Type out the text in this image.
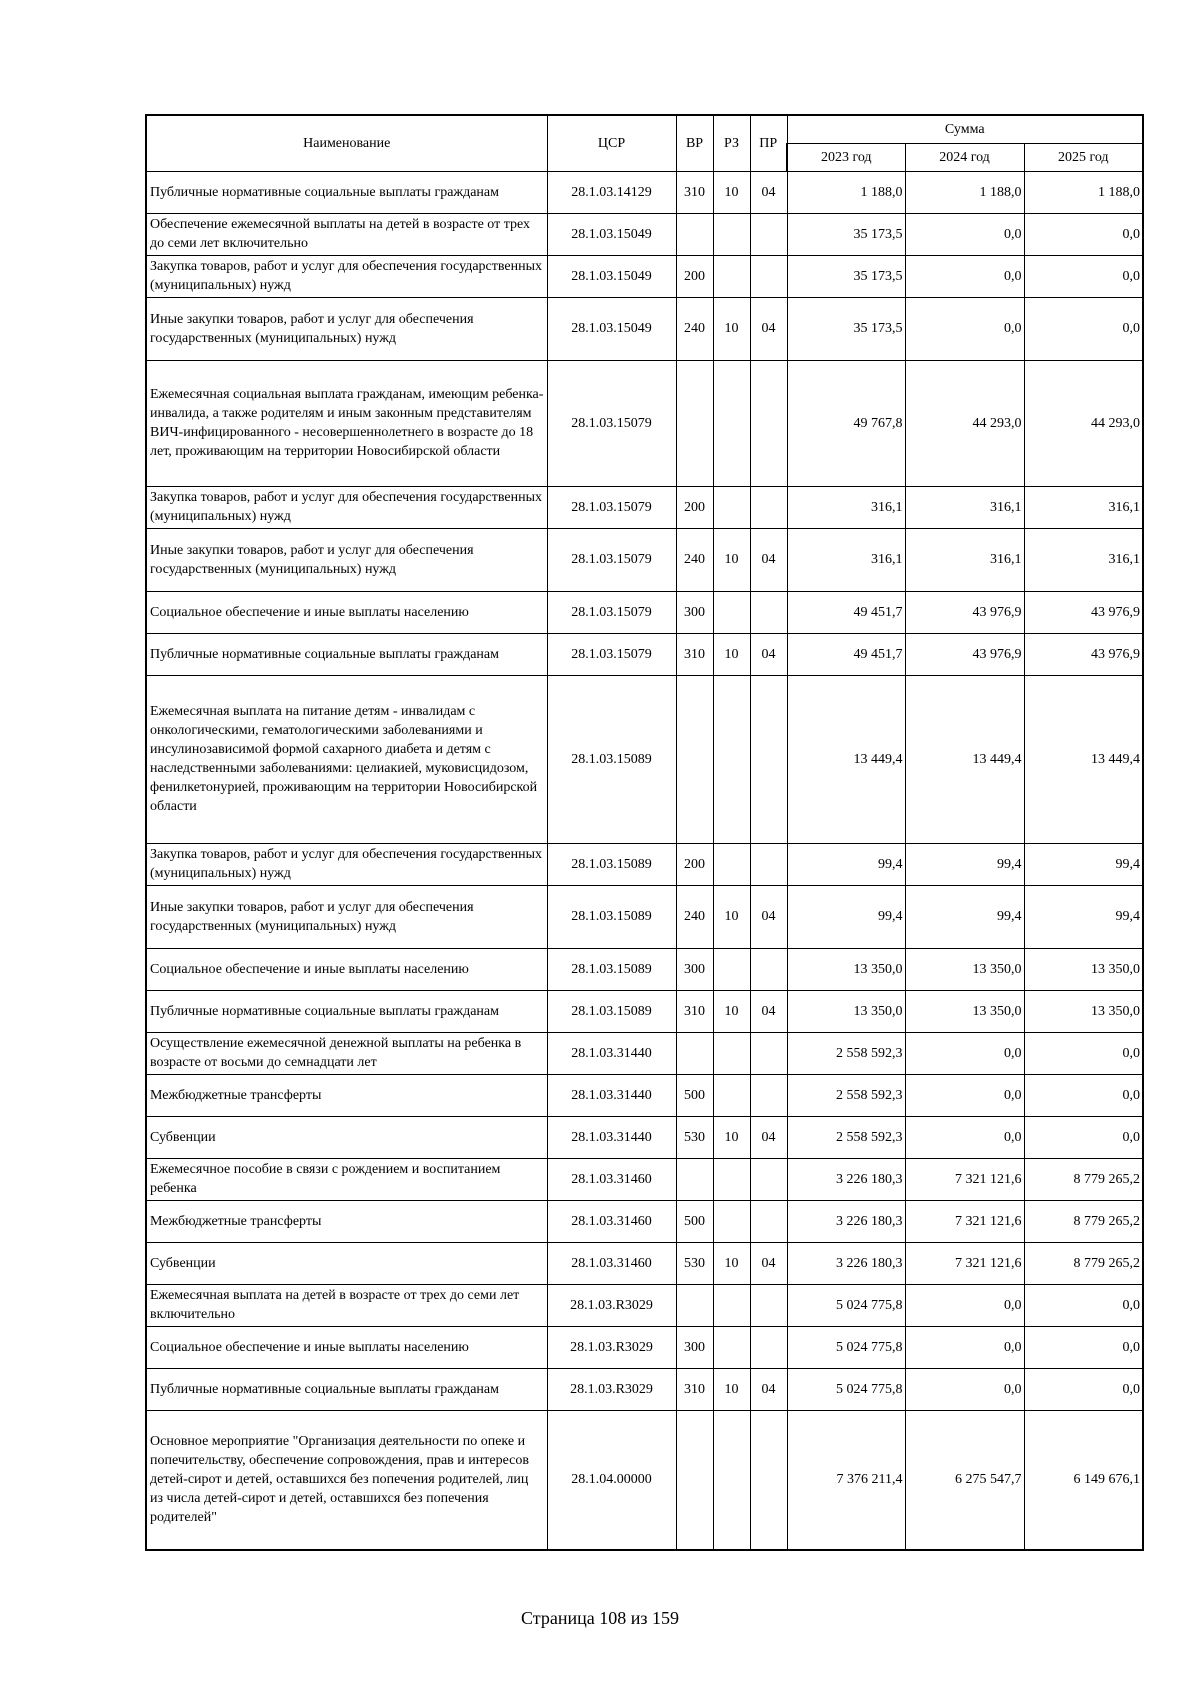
Наименование	ЦСР	ВР	РЗ	ПР	Сумма		
					2023 год	2024 год	2025 год
Публичные нормативные социальные выплаты гражданам	28.1.03.14129	310	10	04	1 188,0	1 188,0	1 188,0
Обеспечение ежемесячной выплаты на детей в возрасте от трех до семи лет включительно	28.1.03.15049				35 173,5	0,0	0,0
Закупка товаров, работ и услуг для обеспечения государственных (муниципальных) нужд	28.1.03.15049	200			35 173,5	0,0	0,0
Иные закупки товаров, работ и услуг для обеспечения государственных (муниципальных) нужд	28.1.03.15049	240	10	04	35 173,5	0,0	0,0
Ежемесячная социальная выплата гражданам, имеющим ребенка-инвалида, а также родителям и иным законным представителям ВИЧ-инфицированного - несовершеннолетнего в возрасте до 18 лет, проживающим на территории Новосибирской области	28.1.03.15079				49 767,8	44 293,0	44 293,0
Закупка товаров, работ и услуг для обеспечения государственных (муниципальных) нужд	28.1.03.15079	200			316,1	316,1	316,1
Иные закупки товаров, работ и услуг для обеспечения государственных (муниципальных) нужд	28.1.03.15079	240	10	04	316,1	316,1	316,1
Социальное обеспечение и иные выплаты населению	28.1.03.15079	300			49 451,7	43 976,9	43 976,9
Публичные нормативные социальные выплаты гражданам	28.1.03.15079	310	10	04	49 451,7	43 976,9	43 976,9
Ежемесячная выплата на питание детям - инвалидам с онкологическими, гематологическими заболеваниями и инсулинозависимой формой сахарного диабета и детям с наследственными заболеваниями: целиакией, муковисцидозом, фенилкетонурией, проживающим на территории Новосибирской области	28.1.03.15089				13 449,4	13 449,4	13 449,4
Закупка товаров, работ и услуг для обеспечения государственных (муниципальных) нужд	28.1.03.15089	200			99,4	99,4	99,4
Иные закупки товаров, работ и услуг для обеспечения государственных (муниципальных) нужд	28.1.03.15089	240	10	04	99,4	99,4	99,4
Социальное обеспечение и иные выплаты населению	28.1.03.15089	300			13 350,0	13 350,0	13 350,0
Публичные нормативные социальные выплаты гражданам	28.1.03.15089	310	10	04	13 350,0	13 350,0	13 350,0
Осуществление ежемесячной денежной выплаты на ребенка в возрасте от восьми до семнадцати лет	28.1.03.31440				2 558 592,3	0,0	0,0
Межбюджетные трансферты	28.1.03.31440	500			2 558 592,3	0,0	0,0
Субвенции	28.1.03.31440	530	10	04	2 558 592,3	0,0	0,0
Ежемесячное пособие в связи с рождением и воспитанием ребенка	28.1.03.31460				3 226 180,3	7 321 121,6	8 779 265,2
Межбюджетные трансферты	28.1.03.31460	500			3 226 180,3	7 321 121,6	8 779 265,2
Субвенции	28.1.03.31460	530	10	04	3 226 180,3	7 321 121,6	8 779 265,2
Ежемесячная выплата на детей в возрасте от трех до семи лет включительно	28.1.03.R3029				5 024 775,8	0,0	0,0
Социальное обеспечение и иные выплаты населению	28.1.03.R3029	300			5 024 775,8	0,0	0,0
Публичные нормативные социальные выплаты гражданам	28.1.03.R3029	310	10	04	5 024 775,8	0,0	0,0
Основное мероприятие "Организация деятельности по опеке и попечительству, обеспечение сопровождения, прав и интересов детей-сирот и детей, оставшихся без попечения родителей, лиц из числа детей-сирот и детей, оставшихся без попечения родителей"	28.1.04.00000				7 376 211,4	6 275 547,7	6 149 676,1
Страница 108 из 159
